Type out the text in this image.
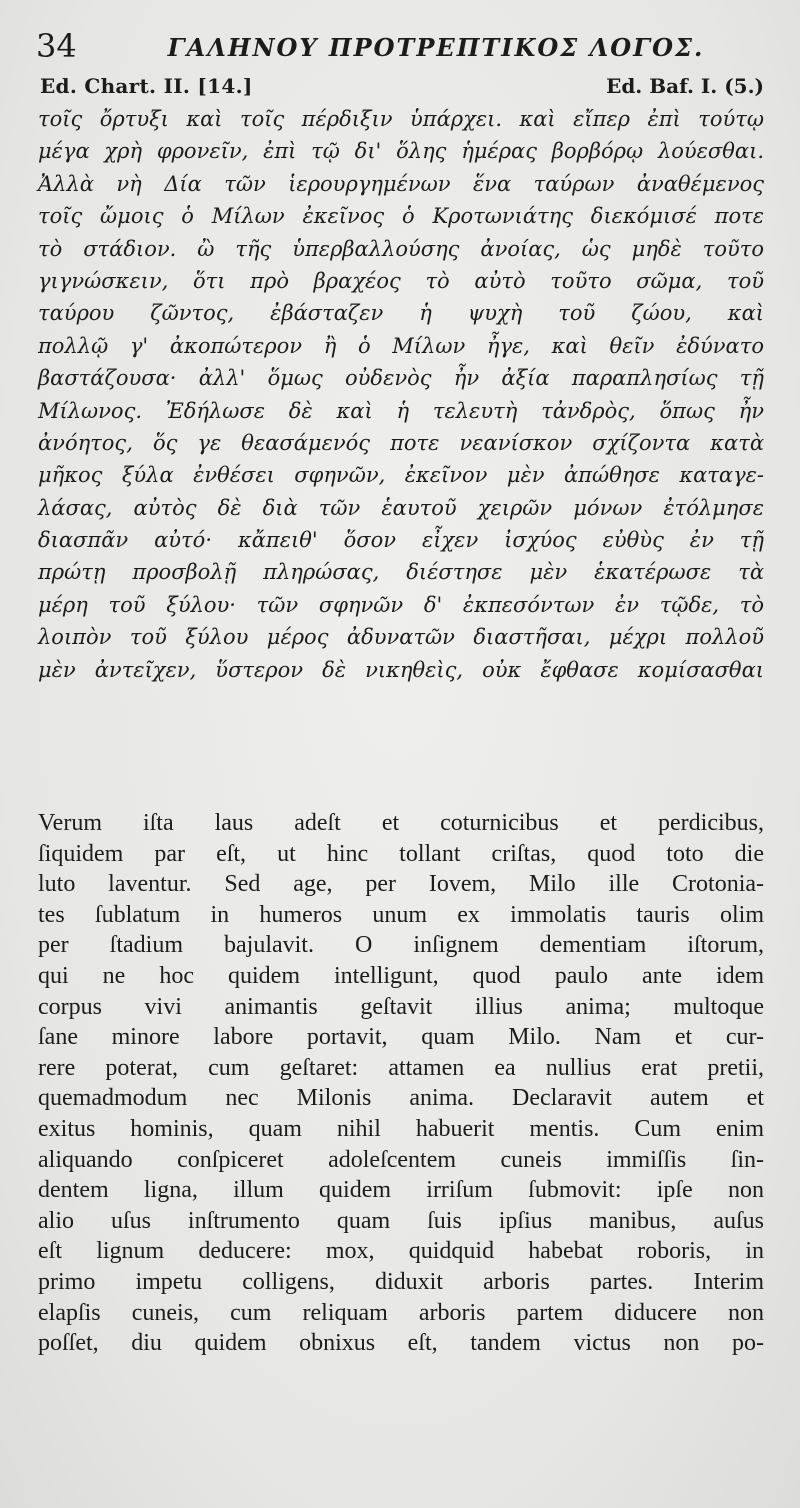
34	ΓΑΛΗΝΟΥ ΠΡΟΤΡΕΠΤΙΚΟΣ ΛΟΓΟΣ.
Ed. Chart. II. [14.]	Ed. Baf. I. (5.)
τοῖς ὄρτυξι καὶ τοῖς πέρδιξιν ὑπάρχει. καὶ εἴπερ ἐπὶ τούτῳ
μέγα χρὴ φρονεῖν, ἐπὶ τῷ δι' ὅλης ἡμέρας βορβόρῳ λούεσθαι.
Ἀλλὰ νὴ Δία τῶν ἱερουργημένων ἕνα ταύρων ἀναθέμενος
τοῖς ὤμοις ὁ Μίλων ἐκεῖνος ὁ Κροτωνιάτης διεκόμισέ ποτε
τὸ στάδιον. ὢ τῆς ὑπερβαλλούσης ἀνοίας, ὡς μηδὲ τοῦτο
γιγνώσκειν, ὅτι πρὸ βραχέος τὸ αὐτὸ τοῦτο σῶμα, τοῦ
ταύρου ζῶντος, ἐβάσταζεν ἡ ψυχὴ τοῦ ζώου, καὶ
πολλῷ γ' ἀκοπώτερον ἢ ὁ Μίλων ἦγε, καὶ θεῖν ἐδύνατο
βαστάζουσα· ἀλλ' ὅμως οὐδενὸς ἦν ἀξία παραπλησίως τῇ
Μίλωνος. Ἐδήλωσε δὲ καὶ ἡ τελευτὴ τἀνδρὸς, ὅπως ἦν
ἀνόητος, ὅς γε θεασάμενός ποτε νεανίσκον σχίζοντα κατὰ
μῆκος ξύλα ἐνθέσει σφηνῶν, ἐκεῖνον μὲν ἀπώθησε καταγε-
λάσας, αὐτὸς δὲ διὰ τῶν ἑαυτοῦ χειρῶν μόνων ἐτόλμησε
διασπᾶν αὐτό· κἄπειθ' ὅσον εἶχεν ἰσχύος εὐθὺς ἐν τῇ
πρώτῃ προσβολῇ πληρώσας, διέστησε μὲν ἑκατέρωσε τὰ
μέρη τοῦ ξύλου· τῶν σφηνῶν δ' ἐκπεσόντων ἐν τῷδε, τὸ
λοιπὸν τοῦ ξύλου μέρος ἀδυνατῶν διαστῆσαι, μέχρι πολλοῦ
μὲν ἀντεῖχεν, ὕστερον δὲ νικηθεὶς, οὐκ ἔφθασε κομίσασθαι
Verum iſta laus adeſt et coturnicibus et perdicibus,
ſiquidem par eſt, ut hinc tollant criſtas, quod toto die
luto laventur. Sed age, per Iovem, Milo ille Crotonia-
tes ſublatum in humeros unum ex immolatis tauris olim
per ſtadium bajulavit. O inſignem dementiam iſtorum,
qui ne hoc quidem intelligunt, quod paulo ante idem
corpus vivi animantis geſtavit illius anima; multoque
ſane minore labore portavit, quam Milo. Nam et cur-
rere poterat, cum geſtaret: attamen ea nullius erat pretii,
quemadmodum nec Milonis anima. Declaravit autem et
exitus hominis, quam nihil habuerit mentis. Cum enim
aliquando conſpiceret adoleſcentem cuneis immiſſis ſin-
dentem ligna, illum quidem irriſum ſubmovit: ipſe non
alio uſus inſtrumento quam ſuis ipſius manibus, auſus
eſt lignum deducere: mox, quidquid habebat roboris, in
primo impetu colligens, diduxit arboris partes. Interim
elapſis cuneis, cum reliquam arboris partem diducere non
poſſet, diu quidem obnixus eſt, tandem victus non po-
